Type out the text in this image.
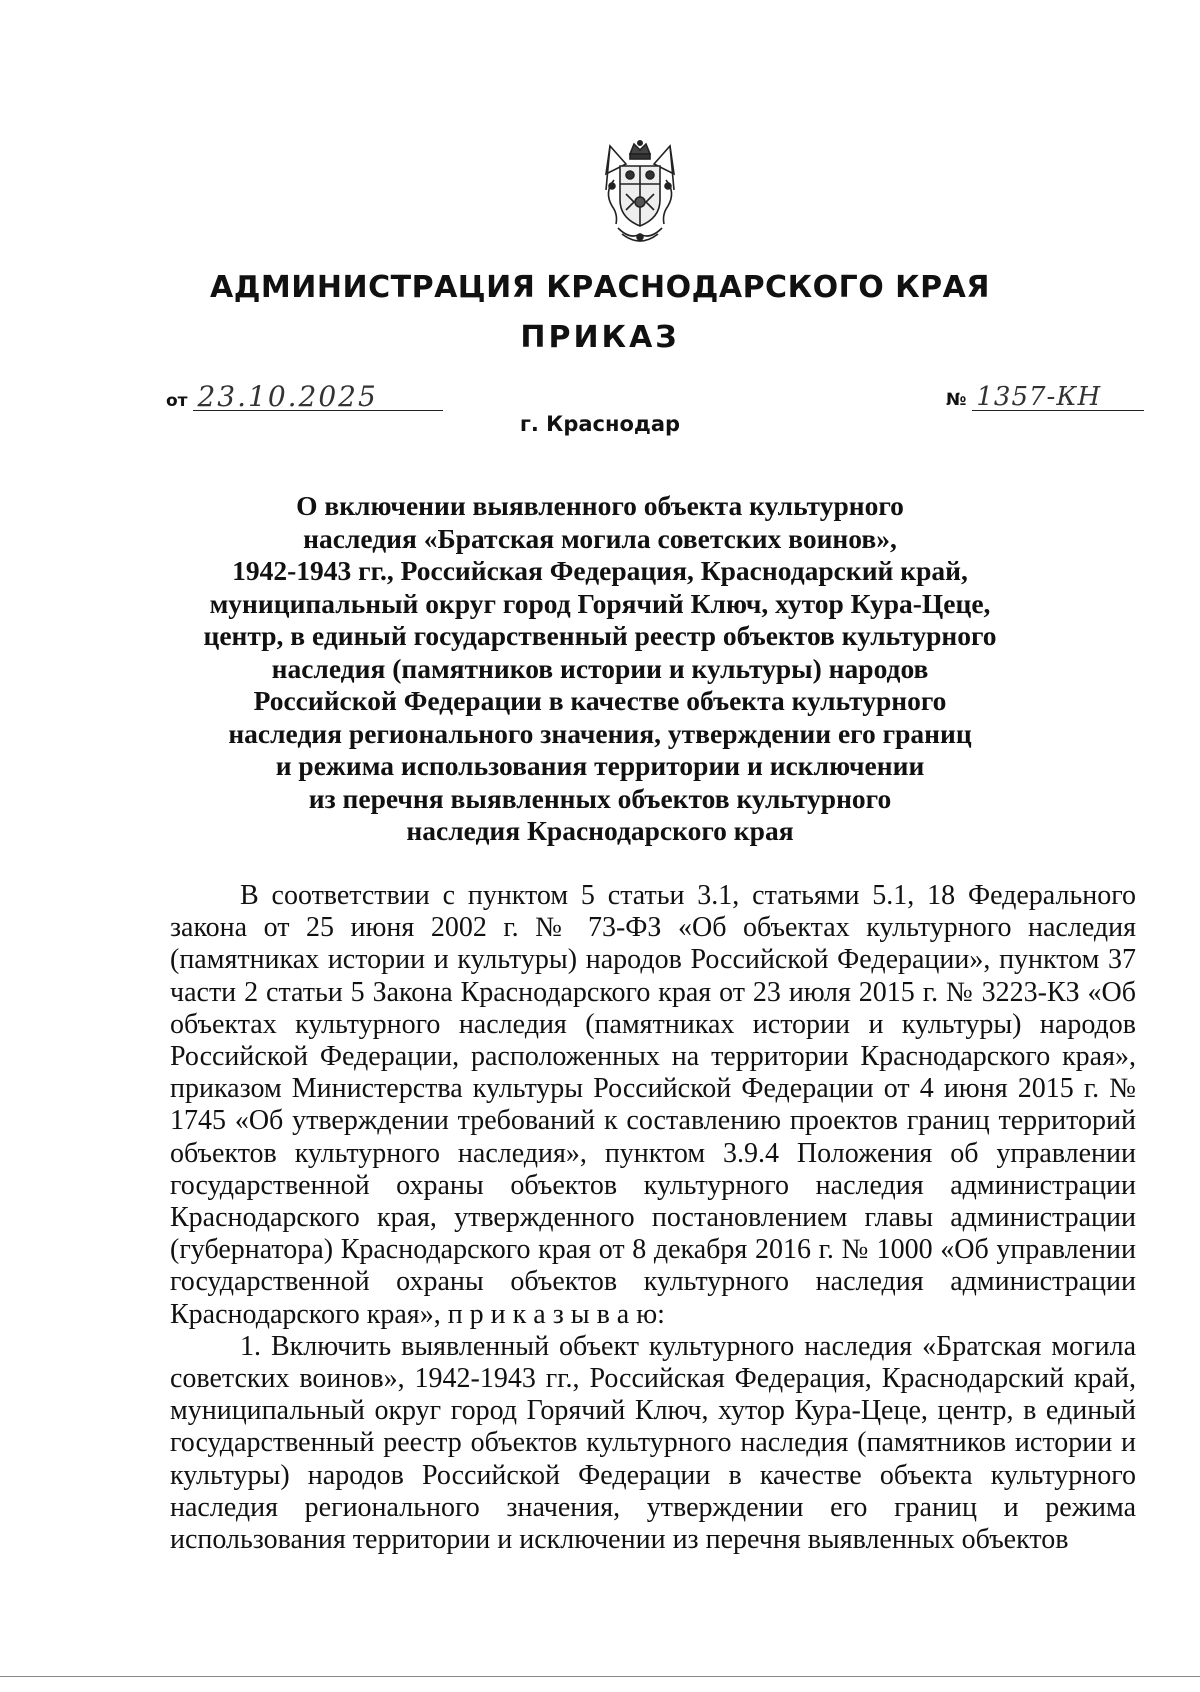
АДМИНИСТРАЦИЯ КРАСНОДАРСКОГО КРАЯ
ПРИКАЗ
от 23.10.2025	№ 1357-КН
г. Краснодар
О включении выявленного объекта культурного
наследия «Братская могила советских воинов»,
1942-1943 гг., Российская Федерация, Краснодарский край,
муниципальный округ город Горячий Ключ, хутор Кура-Цеце,
центр, в единый государственный реестр объектов культурного
наследия (памятников истории и культуры) народов
Российской Федерации в качестве объекта культурного
наследия регионального значения, утверждении его границ
и режима использования территории и исключении
из перечня выявленных объектов культурного
наследия Краснодарского края

В соответствии с пунктом 5 статьи 3.1, статьями 5.1, 18 Федерального закона от 25 июня 2002 г. № 73-ФЗ «Об объектах культурного наследия (памятниках истории и культуры) народов Российской Федерации», пунктом 37 части 2 статьи 5 Закона Краснодарского края от 23 июля 2015 г. № 3223-КЗ «Об объектах культурного наследия (памятниках истории и культуры) народов Российской Федерации, расположенных на территории Краснодарского края», приказом Министерства культуры Российской Федерации от 4 июня 2015 г. № 1745 «Об утверждении требований к составлению проектов границ территорий объектов культурного наследия», пунктом 3.9.4 Положения об управлении государственной охраны объектов культурного наследия администрации Краснодарского края, утвержденного постановлением главы администрации (губернатора) Краснодарского края от 8 декабря 2016 г. № 1000 «Об управлении государственной охраны объектов культурного наследия администрации Краснодарского края», п р и к а з ы в а ю:

1. Включить выявленный объект культурного наследия «Братская могила советских воинов», 1942-1943 гг., Российская Федерация, Краснодарский край, муниципальный округ город Горячий Ключ, хутор Кура-Цеце, центр, в единый государственный реестр объектов культурного наследия (памятников истории и культуры) народов Российской Федерации в качестве объекта культурного наследия регионального значения, утверждении его границ и режима использования территории и исключении из перечня выявленных объектов
